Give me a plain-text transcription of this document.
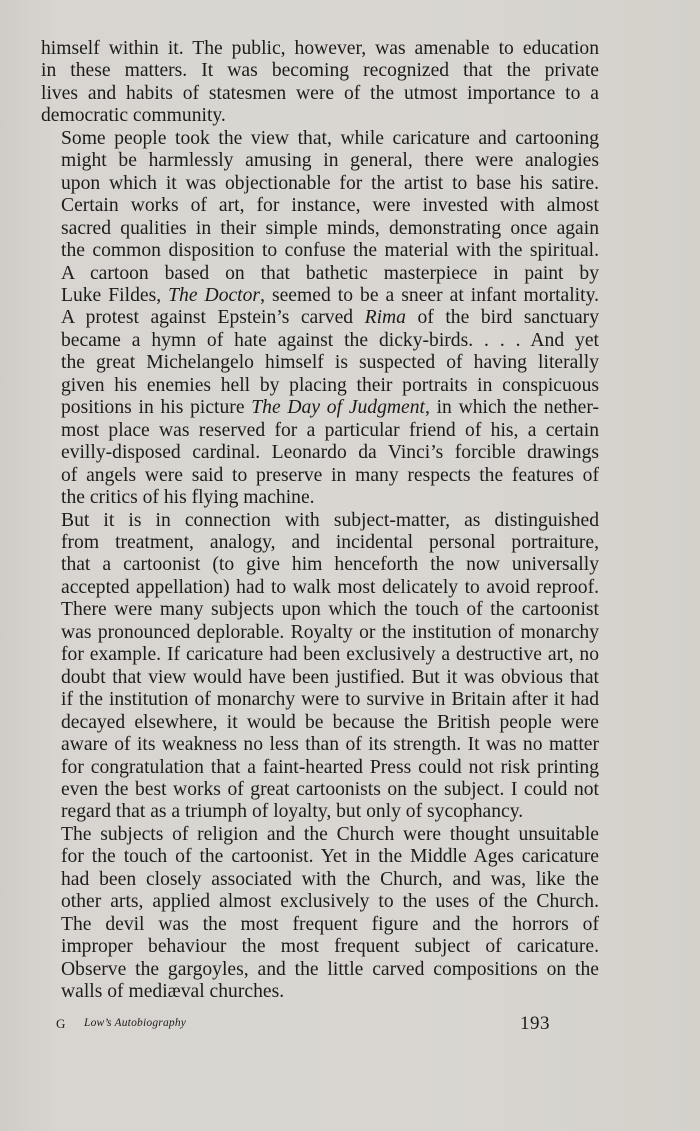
himself within it. The public, however, was amenable to education
in these matters. It was becoming recognized that the private
lives and habits of statesmen were of the utmost importance to a
democratic community.

Some people took the view that, while caricature and cartooning
might be harmlessly amusing in general, there were analogies
upon which it was objectionable for the artist to base his satire.
Certain works of art, for instance, were invested with almost
sacred qualities in their simple minds, demonstrating once again
the common disposition to confuse the material with the spiritual.
A cartoon based on that bathetic masterpiece in paint by
Luke Fildes, The Doctor, seemed to be a sneer at infant mortality.
A protest against Epstein’s carved Rima of the bird sanctuary
became a hymn of hate against the dicky-birds. . . . And yet
the great Michelangelo himself is suspected of having literally
given his enemies hell by placing their portraits in conspicuous
positions in his picture The Day of Judgment, in which the nether-
most place was reserved for a particular friend of his, a certain
evilly-disposed cardinal. Leonardo da Vinci’s forcible drawings
of angels were said to preserve in many respects the features of
the critics of his flying machine.

But it is in connection with subject-matter, as distinguished
from treatment, analogy, and incidental personal portraiture,
that a cartoonist (to give him henceforth the now universally
accepted appellation) had to walk most delicately to avoid reproof.
There were many subjects upon which the touch of the cartoonist
was pronounced deplorable. Royalty or the institution of monarchy
for example. If caricature had been exclusively a destructive art, no
doubt that view would have been justified. But it was obvious that
if the institution of monarchy were to survive in Britain after it had
decayed elsewhere, it would be because the British people were
aware of its weakness no less than of its strength. It was no matter
for congratulation that a faint-hearted Press could not risk printing
even the best works of great cartoonists on the subject. I could not
regard that as a triumph of loyalty, but only of sycophancy.

The subjects of religion and the Church were thought unsuitable
for the touch of the cartoonist. Yet in the Middle Ages caricature
had been closely associated with the Church, and was, like the
other arts, applied almost exclusively to the uses of the Church.
The devil was the most frequent figure and the horrors of
improper behaviour the most frequent subject of caricature.
Observe the gargoyles, and the little carved compositions on the
walls of mediæval churches.

G Low’s Autobiography	193
